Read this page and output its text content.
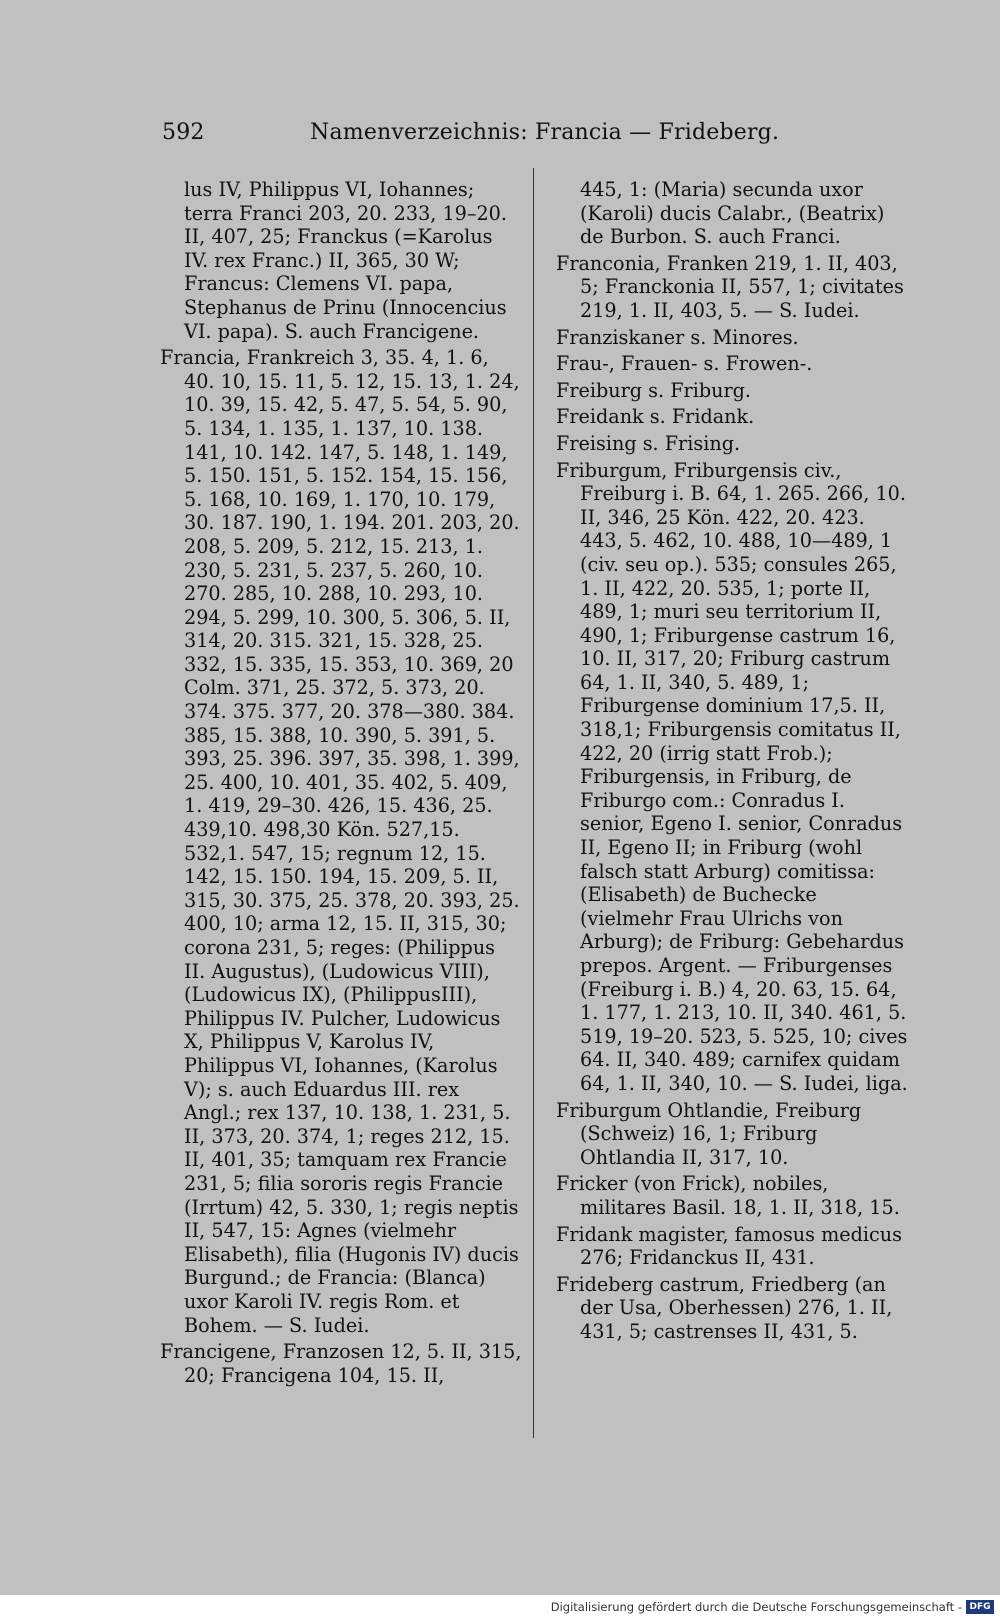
592	Namenverzeichnis: Francia — Frideberg.

lus IV, Philippus VI, Iohannes; terra Franci 203, 20. 233, 19–20. II, 407, 25; Franckus (=Karolus IV. rex Franc.) II, 365, 30 W; Francus: Clemens VI. papa, Stephanus de Prinu (Innocencius VI. papa). S. auch Francigene.

Francia, Frankreich 3, 35. 4, 1. 6, 40. 10, 15. 11, 5. 12, 15. 13, 1. 24, 10. 39, 15. 42, 5. 47, 5. 54, 5. 90, 5. 134, 1. 135, 1. 137, 10. 138. 141, 10. 142. 147, 5. 148, 1. 149, 5. 150. 151, 5. 152. 154, 15. 156, 5. 168, 10. 169, 1. 170, 10. 179, 30. 187. 190, 1. 194. 201. 203, 20. 208, 5. 209, 5. 212, 15. 213, 1. 230, 5. 231, 5. 237, 5. 260, 10. 270. 285, 10. 288, 10. 293, 10. 294, 5. 299, 10. 300, 5. 306, 5. II, 314, 20. 315. 321, 15. 328, 25. 332, 15. 335, 15. 353, 10. 369, 20 Colm. 371, 25. 372, 5. 373, 20. 374. 375. 377, 20. 378—380. 384. 385, 15. 388, 10. 390, 5. 391, 5. 393, 25. 396. 397, 35. 398, 1. 399, 25. 400, 10. 401, 35. 402, 5. 409, 1. 419, 29–30. 426, 15. 436, 25. 439,10. 498,30 Kön. 527,15. 532,1. 547, 15; regnum 12, 15. 142, 15. 150. 194, 15. 209, 5. II, 315, 30. 375, 25. 378, 20. 393, 25. 400, 10; arma 12, 15. II, 315, 30; corona 231, 5; reges: (Philippus II. Augustus), (Ludowicus VIII), (Ludowicus IX), (PhilippusIII), Philippus IV. Pulcher, Ludowicus X, Philippus V, Karolus IV, Philippus VI, Iohannes, (Karolus V); s. auch Eduardus III. rex Angl.; rex 137, 10. 138, 1. 231, 5. II, 373, 20. 374, 1; reges 212, 15. II, 401, 35; tamquam rex Francie 231, 5; filia sororis regis Francie (Irrtum) 42, 5. 330, 1; regis neptis II, 547, 15: Agnes (vielmehr Elisabeth), filia (Hugonis IV) ducis Burgund.; de Francia: (Blanca) uxor Karoli IV. regis Rom. et Bohem. — S. Iudei.

Francigene, Franzosen 12, 5. II, 315, 20; Francigena 104, 15. II,

445, 1: (Maria) secunda uxor (Karoli) ducis Calabr., (Beatrix) de Burbon. S. auch Franci.

Franconia, Franken 219, 1. II, 403, 5; Franckonia II, 557, 1; civitates 219, 1. II, 403, 5. — S. Iudei.

Franziskaner s. Minores.

Frau-, Frauen- s. Frowen-.

Freiburg s. Friburg.

Freidank s. Fridank.

Freising s. Frising.

Friburgum, Friburgensis civ., Freiburg i. B. 64, 1. 265. 266, 10. II, 346, 25 Kön. 422, 20. 423. 443, 5. 462, 10. 488, 10—489, 1 (civ. seu op.). 535; consules 265, 1. II, 422, 20. 535, 1; porte II, 489, 1; muri seu territorium II, 490, 1; Friburgense castrum 16, 10. II, 317, 20; Friburg castrum 64, 1. II, 340, 5. 489, 1; Friburgense dominium 17,5. II, 318,1; Friburgensis comitatus II, 422, 20 (irrig statt Frob.); Friburgensis, in Friburg, de Friburgo com.: Conradus I. senior, Egeno I. senior, Conradus II, Egeno II; in Friburg (wohl falsch statt Arburg) comitissa: (Elisabeth) de Buchecke (vielmehr Frau Ulrichs von Arburg); de Friburg: Gebehardus prepos. Argent. — Friburgenses (Freiburg i. B.) 4, 20. 63, 15. 64, 1. 177, 1. 213, 10. II, 340. 461, 5. 519, 19–20. 523, 5. 525, 10; cives 64. II, 340. 489; carnifex quidam 64, 1. II, 340, 10. — S. Iudei, liga.

Friburgum Ohtlandie, Freiburg (Schweiz) 16, 1; Friburg Ohtlandia II, 317, 10.

Fricker (von Frick), nobiles, militares Basil. 18, 1. II, 318, 15.

Fridank magister, famosus medicus 276; Fridanckus II, 431.

Frideberg castrum, Friedberg (an der Usa, Oberhessen) 276, 1. II, 431, 5; castrenses II, 431, 5.

Digitalisierung gefördert durch die Deutsche Forschungsgemeinschaft - DFG
